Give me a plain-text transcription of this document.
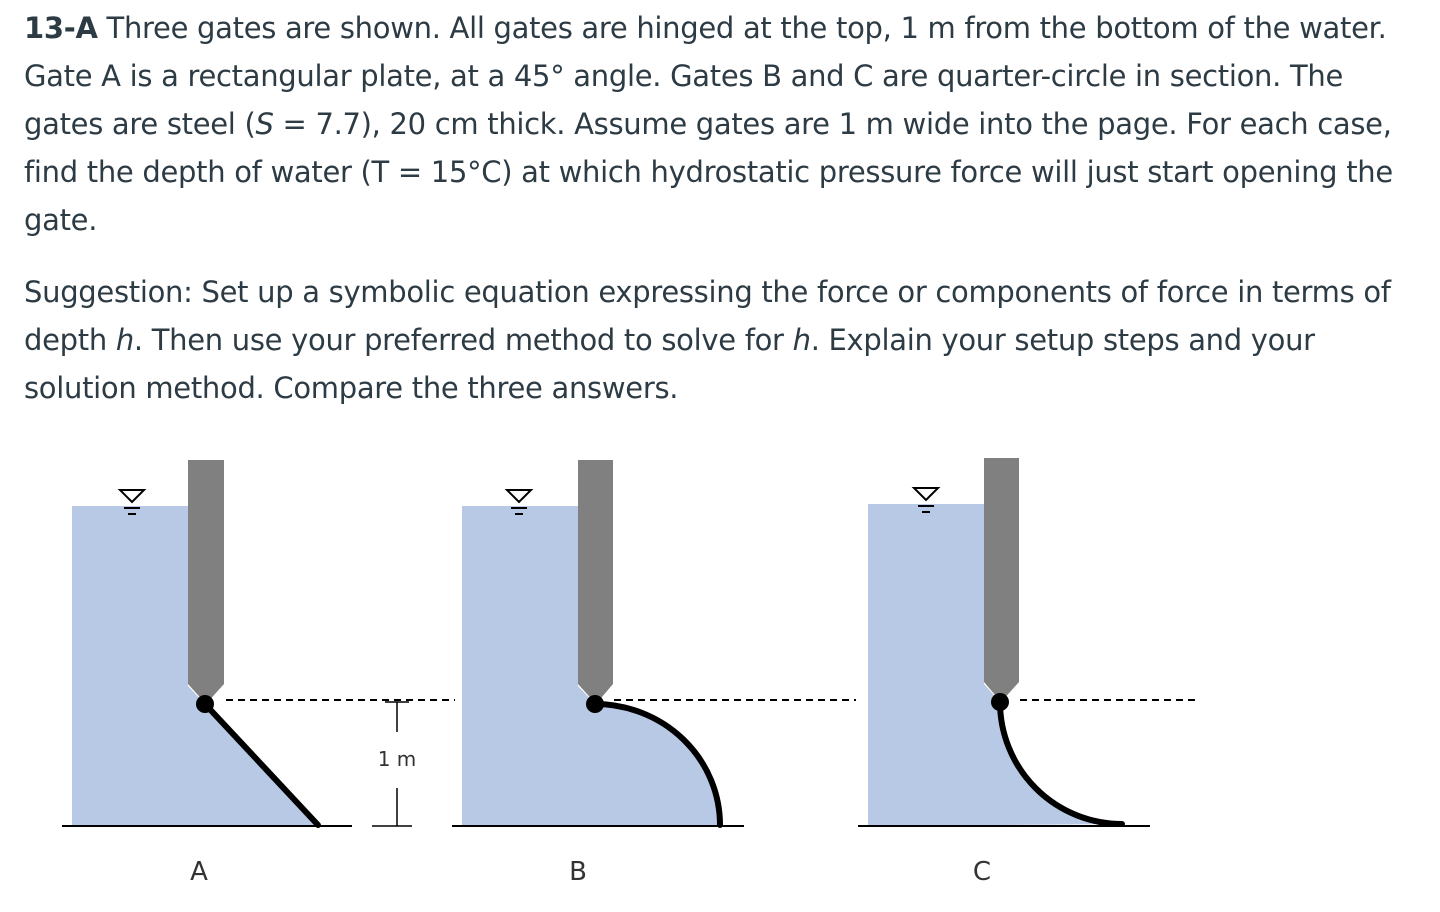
13-A Three gates are shown. All gates are hinged at the top, 1 m from the bottom of the water. Gate A is a rectangular plate, at a 45° angle. Gates B and C are quarter-circle in section. The gates are steel (S = 7.7), 20 cm thick. Assume gates are 1 m wide into the page. For each case, find the depth of water (T = 15°C) at which hydrostatic pressure force will just start opening the gate.

Suggestion: Set up a symbolic equation expressing the force or components of force in terms of depth h. Then use your preferred method to solve for h. Explain your setup steps and your solution method. Compare the three answers.

A
1 m
B	C
